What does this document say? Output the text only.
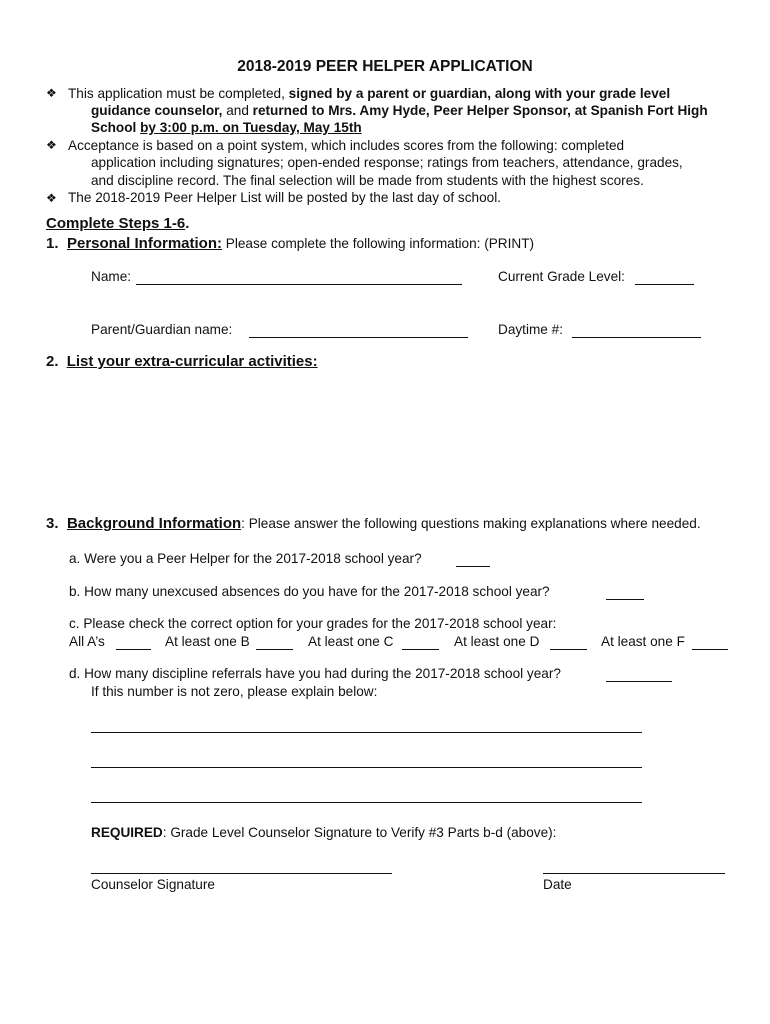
2018-2019 PEER HELPER APPLICATION
❖ This application must be completed, signed by a parent or guardian, along with your grade level
guidance counselor, and returned to Mrs. Amy Hyde, Peer Helper Sponsor, at Spanish Fort High
School by 3:00 p.m. on Tuesday, May 15th
❖ Acceptance is based on a point system, which includes scores from the following: completed
application including signatures; open-ended response; ratings from teachers, attendance, grades,
and discipline record. The final selection will be made from students with the highest scores.
❖ The 2018-2019 Peer Helper List will be posted by the last day of school.
Complete Steps 1-6.
1. Personal Information: Please complete the following information: (PRINT)
Name:	Current Grade Level:
Parent/Guardian name:	Daytime #:
2. List your extra-curricular activities:
3. Background Information: Please answer the following questions making explanations where needed.
a. Were you a Peer Helper for the 2017-2018 school year?
b. How many unexcused absences do you have for the 2017-2018 school year?
c. Please check the correct option for your grades for the 2017-2018 school year:
All A’s	At least one B	At least one C	At least one D	At least one F
d. How many discipline referrals have you had during the 2017-2018 school year?
If this number is not zero, please explain below:
REQUIRED: Grade Level Counselor Signature to Verify #3 Parts b-d (above):
Counselor Signature	Date
